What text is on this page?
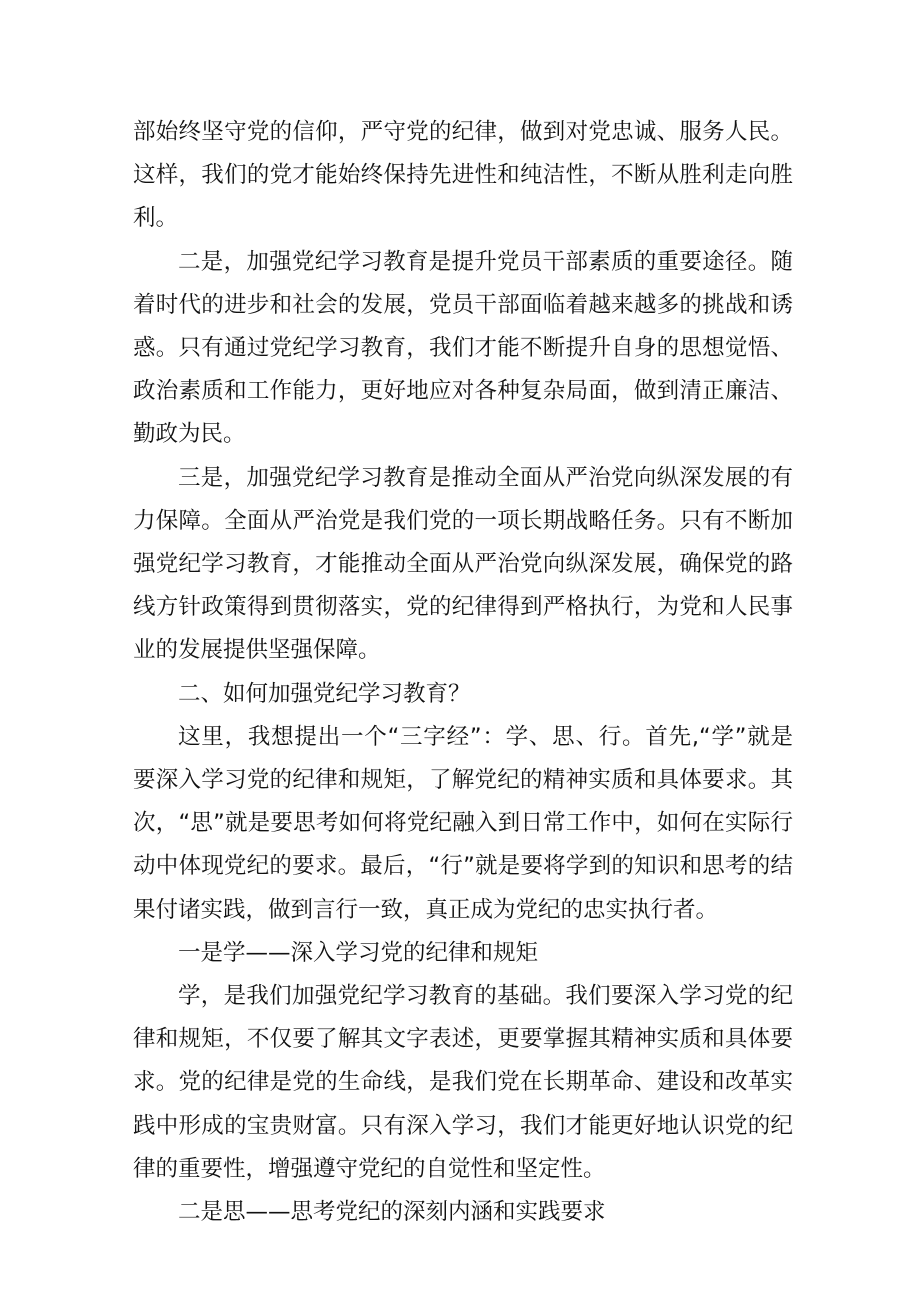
部始终坚守党的信仰，严守党的纪律，做到对党忠诚、服务人民。这样，我们的党才能始终保持先进性和纯洁性，不断从胜利走向胜利。

二是，加强党纪学习教育是提升党员干部素质的重要途径。随着时代的进步和社会的发展，党员干部面临着越来越多的挑战和诱惑。只有通过党纪学习教育，我们才能不断提升自身的思想觉悟、政治素质和工作能力，更好地应对各种复杂局面，做到清正廉洁、勤政为民。

三是，加强党纪学习教育是推动全面从严治党向纵深发展的有力保障。全面从严治党是我们党的一项长期战略任务。只有不断加强党纪学习教育，才能推动全面从严治党向纵深发展，确保党的路线方针政策得到贯彻落实，党的纪律得到严格执行，为党和人民事业的发展提供坚强保障。

二、如何加强党纪学习教育？

这里，我想提出一个“三字经”：学、思、行。首先,“学”就是要深入学习党的纪律和规矩，了解党纪的精神实质和具体要求。其次，“思”就是要思考如何将党纪融入到日常工作中，如何在实际行动中体现党纪的要求。最后，“行”就是要将学到的知识和思考的结果付诸实践，做到言行一致，真正成为党纪的忠实执行者。

一是学——深入学习党的纪律和规矩

学，是我们加强党纪学习教育的基础。我们要深入学习党的纪律和规矩，不仅要了解其文字表述，更要掌握其精神实质和具体要求。党的纪律是党的生命线，是我们党在长期革命、建设和改革实践中形成的宝贵财富。只有深入学习，我们才能更好地认识党的纪律的重要性，增强遵守党纪的自觉性和坚定性。

二是思——思考党纪的深刻内涵和实践要求
